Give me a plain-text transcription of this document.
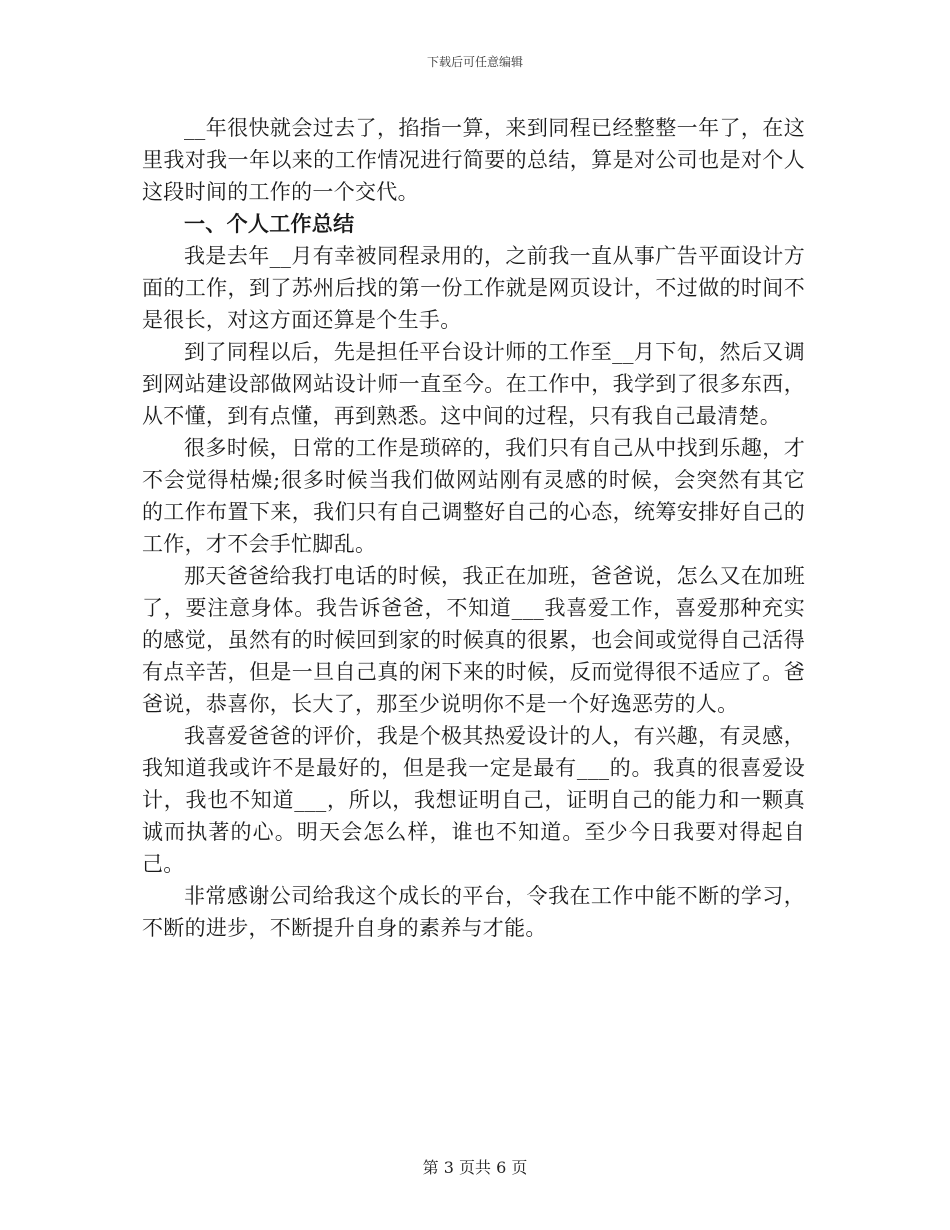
下载后可任意编辑

__年很快就会过去了，掐指一算，来到同程已经整整一年了，在这里我对我一年以来的工作情况进行简要的总结，算是对公司也是对个人这段时间的工作的一个交代。

一、个人工作总结

我是去年__月有幸被同程录用的，之前我一直从事广告平面设计方面的工作，到了苏州后找的第一份工作就是网页设计，不过做的时间不是很长，对这方面还算是个生手。

到了同程以后，先是担任平台设计师的工作至__月下旬，然后又调到网站建设部做网站设计师一直至今。在工作中，我学到了很多东西，从不懂，到有点懂，再到熟悉。这中间的过程，只有我自己最清楚。

很多时候，日常的工作是琐碎的，我们只有自己从中找到乐趣，才不会觉得枯燥;很多时候当我们做网站刚有灵感的时候，会突然有其它的工作布置下来，我们只有自己调整好自己的心态，统筹安排好自己的工作，才不会手忙脚乱。

那天爸爸给我打电话的时候，我正在加班，爸爸说，怎么又在加班了，要注意身体。我告诉爸爸，不知道___我喜爱工作，喜爱那种充实的感觉，虽然有的时候回到家的时候真的很累，也会间或觉得自己活得有点辛苦，但是一旦自己真的闲下来的时候，反而觉得很不适应了。爸爸说，恭喜你，长大了，那至少说明你不是一个好逸恶劳的人。

我喜爱爸爸的评价，我是个极其热爱设计的人，有兴趣，有灵感，我知道我或许不是最好的，但是我一定是最有___的。我真的很喜爱设计，我也不知道___，所以，我想证明自己，证明自己的能力和一颗真诚而执著的心。明天会怎么样，谁也不知道。至少今日我要对得起自己。

非常感谢公司给我这个成长的平台，令我在工作中能不断的学习，不断的进步，不断提升自身的素养与才能。

第 3 页共 6 页
